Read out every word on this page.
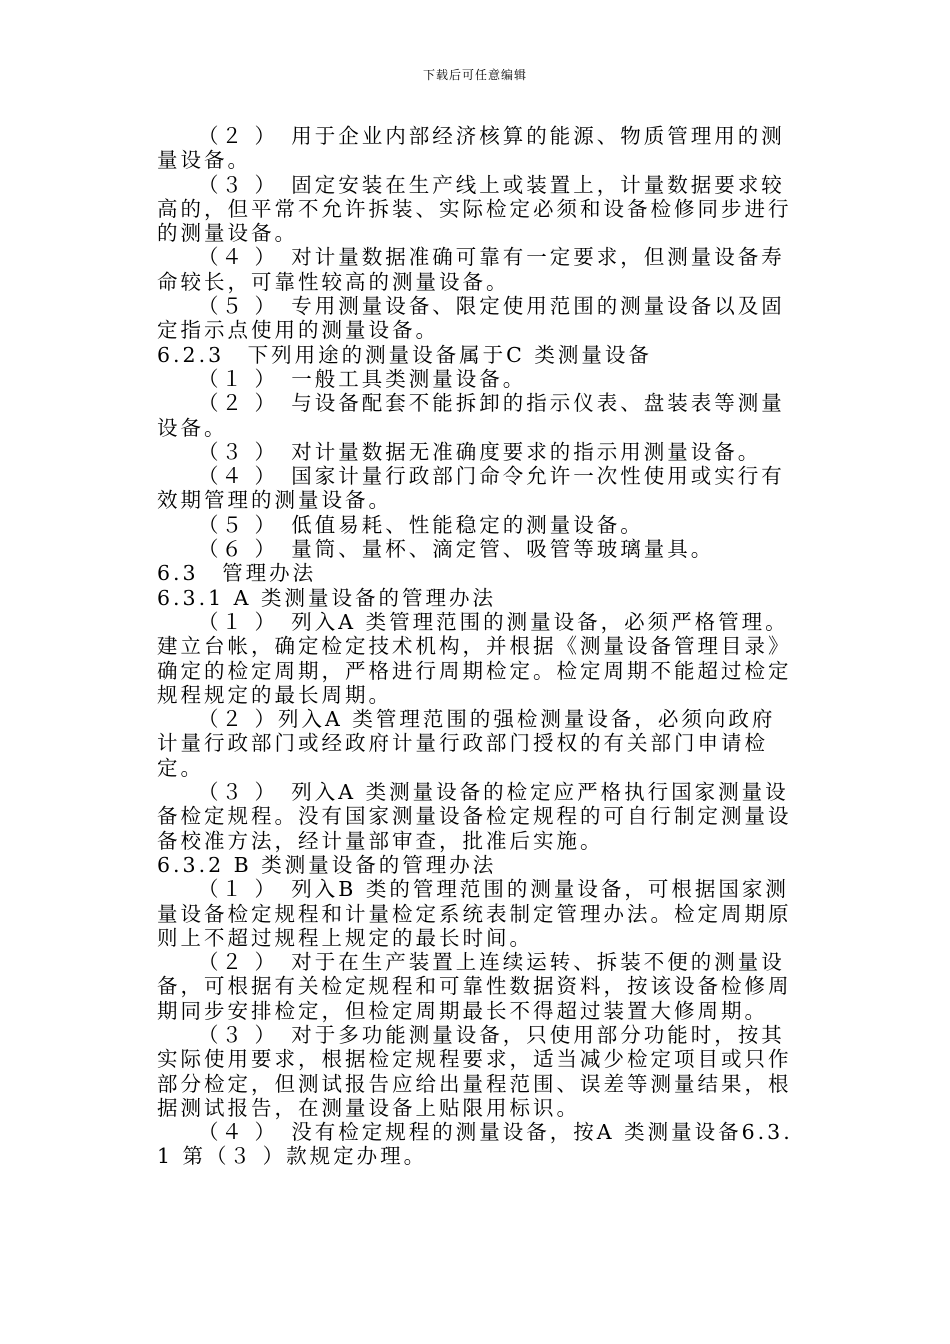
下载后可任意编辑

（２ ）　用于企业内部经济核算的能源、物质管理用的测量设备。

（３ ）　固定安装在生产线上或装置上，计量数据要求较高的，但平常不允许拆装、实际检定必须和设备检修同步进行的测量设备。

（４ ）　对计量数据准确可靠有一定要求，但测量设备寿命较长，可靠性较高的测量设备。

（５ ）　专用测量设备、限定使用范围的测量设备以及固定指示点使用的测量设备。

6.2.3　下列用途的测量设备属于C 类测量设备

（１ ）　一般工具类测量设备。

（２ ）　与设备配套不能拆卸的指示仪表、盘装表等测量设备。

（３ ）　对计量数据无准确度要求的指示用测量设备。

（４ ）　国家计量行政部门命令允许一次性使用或实行有效期管理的测量设备。

（５ ）　低值易耗、性能稳定的测量设备。

（６ ）　量筒、量杯、滴定管、吸管等玻璃量具。

6.3　管理办法

6.3.1 A 类测量设备的管理办法

（１ ）　列入A 类管理范围的测量设备，必须严格管理。建立台帐，确定检定技术机构，并根据《测量设备管理目录》确定的检定周期，严格进行周期检定。检定周期不能超过检定规程规定的最长周期。

（２ ）列入A 类管理范围的强检测量设备，必须向政府计量行政部门或经政府计量行政部门授权的有关部门申请检定。

（３ ）　列入A 类测量设备的检定应严格执行国家测量设备检定规程。没有国家测量设备检定规程的可自行制定测量设备校准方法，经计量部审查，批准后实施。

6.3.2 B 类测量设备的管理办法

（１ ）　列入B 类的管理范围的测量设备，可根据国家测量设备检定规程和计量检定系统表制定管理办法。检定周期原则上不超过规程上规定的最长时间。

（２ ）　对于在生产装置上连续运转、拆装不便的测量设备，可根据有关检定规程和可靠性数据资料，按该设备检修周期同步安排检定，但检定周期最长不得超过装置大修周期。

（３ ）　对于多功能测量设备，只使用部分功能时，按其实际使用要求，根据检定规程要求，适当减少检定项目或只作部分检定，但测试报告应给出量程范围、误差等测量结果，根据测试报告，在测量设备上贴限用标识。

（４ ）　没有检定规程的测量设备，按A 类测量设备6.3.1 第（３ ）款规定办理。
